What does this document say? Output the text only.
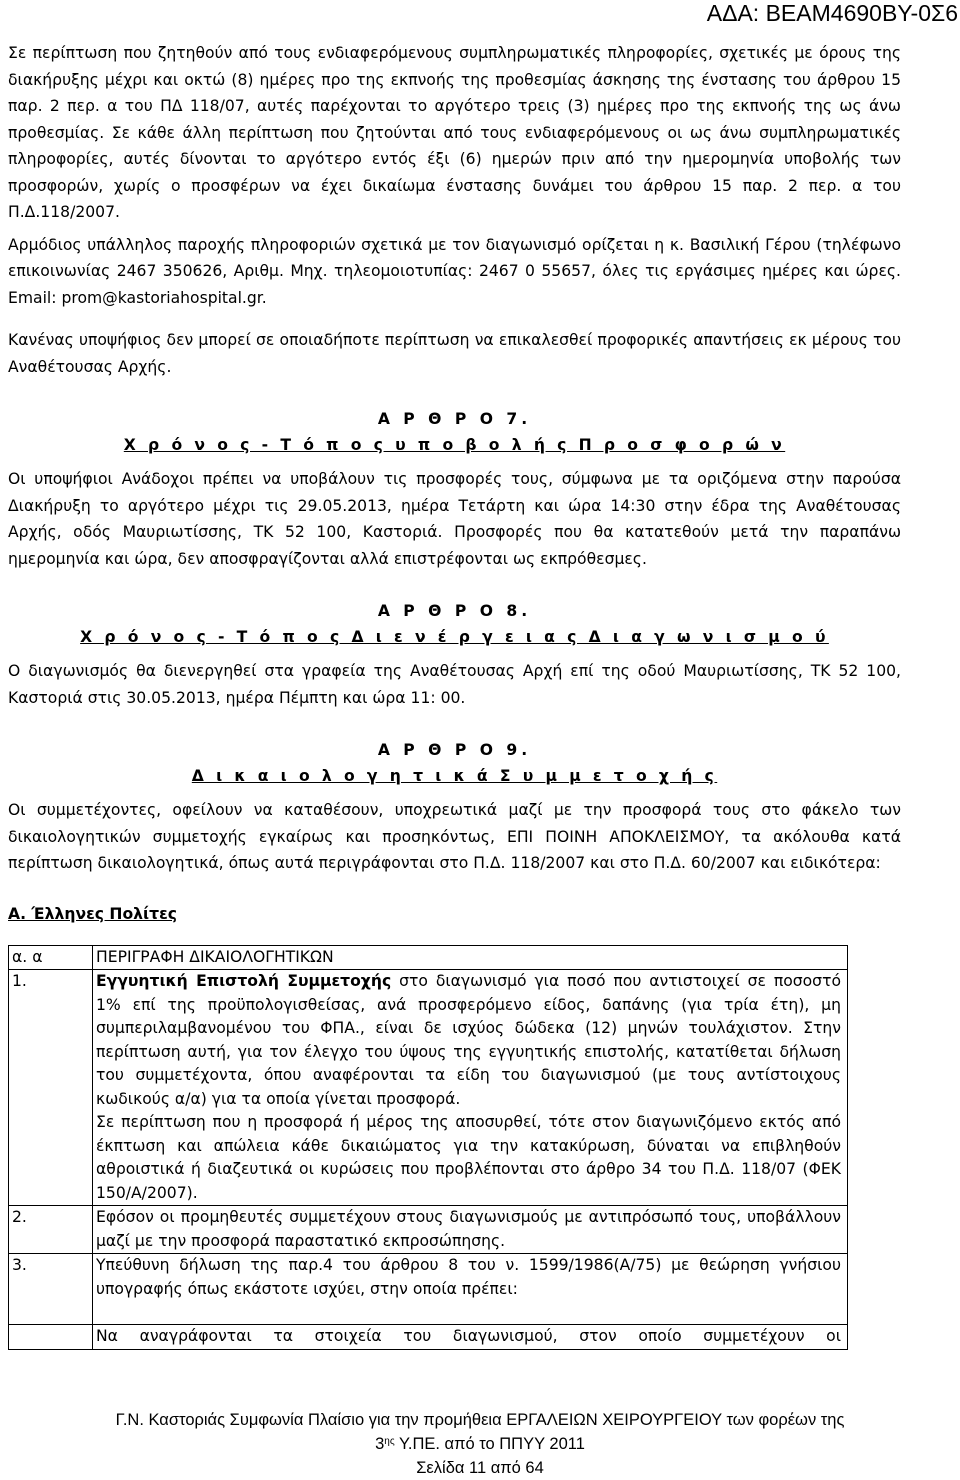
ΑΔΑ: ΒΕΑΜ4690ΒΥ-0Σ6

Σε περίπτωση που ζητηθούν από τους ενδιαφερόμενους συμπληρωματικές πληροφορίες, σχετικές με όρους της διακήρυξης μέχρι και οκτώ (8) ημέρες προ της εκπνοής της προθεσμίας άσκησης της ένστασης του άρθρου 15 παρ. 2 περ. α του ΠΔ 118/07, αυτές παρέχονται το αργότερο τρεις (3) ημέρες προ της εκπνοής της ως άνω προθεσμίας. Σε κάθε άλλη περίπτωση που ζητούνται από τους ενδιαφερόμενους οι ως άνω συμπληρωματικές πληροφορίες, αυτές δίνονται το αργότερο εντός έξι (6) ημερών πριν από την ημερομηνία υποβολής των προσφορών, χωρίς ο προσφέρων να έχει δικαίωμα ένστασης δυνάμει του άρθρου 15 παρ. 2 περ. α του Π.Δ.118/2007.

Αρμόδιος υπάλληλος παροχής πληροφοριών σχετικά με τον διαγωνισμό ορίζεται η κ. Βασιλική Γέρου (τηλέφωνο επικοινωνίας 2467 350626, Αριθμ. Μηχ. τηλεομοιοτυπίας: 2467 0 55657, όλες τις εργάσιμες ημέρες και ώρες. Email: prom@kastoriahospital.gr.

Κανένας υποψήφιος δεν μπορεί σε οποιαδήποτε περίπτωση να επικαλεσθεί προφορικές απαντήσεις εκ μέρους του Αναθέτουσας Αρχής.

Α Ρ Θ Ρ Ο 7.
Χ ρ ό ν ο ς - Τ ό π ο ς υ π ο β ο λ ή ς Π ρ ο σ φ ο ρ ώ ν

Οι υποψήφιοι Ανάδοχοι πρέπει να υποβάλουν τις προσφορές τους, σύμφωνα με τα οριζόμενα στην παρούσα Διακήρυξη το αργότερο μέχρι τις 29.05.2013, ημέρα Τετάρτη και ώρα 14:30 στην έδρα της Αναθέτουσας Αρχής, οδός Μαυριωτίσσης, ΤΚ 52 100, Καστοριά. Προσφορές που θα κατατεθούν μετά την παραπάνω ημερομηνία και ώρα, δεν αποσφραγίζονται αλλά επιστρέφονται ως εκπρόθεσμες.

Α Ρ Θ Ρ Ο 8.
Χ ρ ό ν ο ς - Τ ό π ο ς Δ ι ε ν έ ρ γ ε ι α ς Δ ι α γ ω ν ι σ μ ο ύ

Ο διαγωνισμός θα διενεργηθεί στα γραφεία της Αναθέτουσας Αρχή επί της οδού Μαυριωτίσσης, ΤΚ 52 100, Καστοριά στις 30.05.2013, ημέρα Πέμπτη και ώρα 11: 00.

Α Ρ Θ Ρ Ο 9.
Δ ι κ α ι ο λ ο γ η τ ι κ ά Σ υ μ μ ε τ ο χ ή ς

Οι συμμετέχοντες, οφείλουν να καταθέσουν, υποχρεωτικά μαζί με την προσφορά τους στο φάκελο των δικαιολογητικών συμμετοχής εγκαίρως και προσηκόντως, ΕΠΙ ΠΟΙΝΗ ΑΠΟΚΛΕΙΣΜΟΥ, τα ακόλουθα κατά περίπτωση δικαιολογητικά, όπως αυτά περιγράφονται στο Π.Δ. 118/2007 και στο Π.Δ. 60/2007 και ειδικότερα:

Α. Έλληνες Πολίτες
α. α	ΠΕΡΙΓΡΑΦΗ ΔΙΚΑΙΟΛΟΓΗΤΙΚΩΝ
1.	Εγγυητική Επιστολή Συμμετοχής στο διαγωνισμό για ποσό που αντιστοιχεί σε ποσοστό 1% επί της προϋπολογισθείσας, ανά προσφερόμενο είδος, δαπάνης (για τρία έτη), μη συμπεριλαμβανομένου του ΦΠΑ., είναι δε ισχύος δώδεκα (12) μηνών τουλάχιστον. Στην περίπτωση αυτή, για τον έλεγχο του ύψους της εγγυητικής επιστολής, κατατίθεται δήλωση του συμμετέχοντα, όπου αναφέρονται τα είδη του διαγωνισμού (με τους αντίστοιχους κωδικούς α/α) για τα οποία γίνεται προσφορά.
Σε περίπτωση που η προσφορά ή μέρος της αποσυρθεί, τότε στον διαγωνιζόμενο εκτός από έκπτωση και απώλεια κάθε δικαιώματος για την κατακύρωση, δύναται να επιβληθούν αθροιστικά ή διαζευτικά οι κυρώσεις που προβλέπονται στο άρθρο 34 του Π.Δ. 118/07 (ΦΕΚ 150/Α/2007).
2.	Εφόσον οι προμηθευτές συμμετέχουν στους διαγωνισμούς με αντιπρόσωπό τους, υποβάλλουν μαζί με την προσφορά παραστατικό εκπροσώπησης.
3.	Υπεύθυνη δήλωση της παρ.4 του άρθρου 8 του ν. 1599/1986(Α/75) με θεώρηση γνήσιου υπογραφής όπως εκάστοτε ισχύει, στην οποία πρέπει:
	Να αναγράφονται τα στοιχεία του διαγωνισμού, στον οποίο συμμετέχουν οι
Γ.Ν. Καστοριάς Συμφωνία Πλαίσιο για την προμήθεια ΕΡΓΑΛΕΙΩΝ ΧΕΙΡΟΥΡΓΕΙΟΥ των φορέων της
$3^{\eta\varsigma}$ Υ.ΠΕ. από το ΠΠΥΥ 2011
Σελίδα 11 από 64
